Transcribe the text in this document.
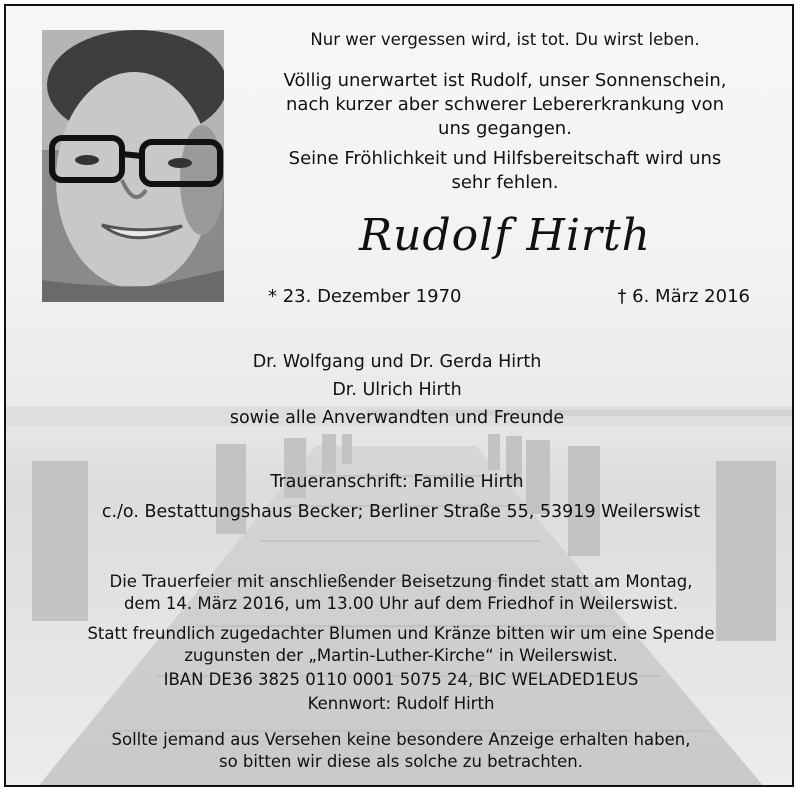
Nur wer vergessen wird, ist tot. Du wirst leben.
Völlig unerwartet ist Rudolf, unser Sonnenschein,
nach kurzer aber schwerer Lebererkrankung von
uns gegangen.
Seine Fröhlichkeit und Hilfsbereitschaft wird uns
sehr fehlen.
Rudolf Hirth
* 23. Dezember 1970	† 6. März 2016
Dr. Wolfgang und Dr. Gerda Hirth
Dr. Ulrich Hirth
sowie alle Anverwandten und Freunde
Traueranschrift: Familie Hirth
c./o. Bestattungshaus Becker; Berliner Straße 55, 53919 Weilerswist
Die Trauerfeier mit anschließender Beisetzung findet statt am Montag,
dem 14. März 2016, um 13.00 Uhr auf dem Friedhof in Weilerswist.
Statt freundlich zugedachter Blumen und Kränze bitten wir um eine Spende
zugunsten der „Martin-Luther-Kirche“ in Weilerswist.
IBAN DE36 3825 0110 0001 5075 24, BIC WELADED1EUS
Kennwort: Rudolf Hirth
Sollte jemand aus Versehen keine besondere Anzeige erhalten haben,
so bitten wir diese als solche zu betrachten.
